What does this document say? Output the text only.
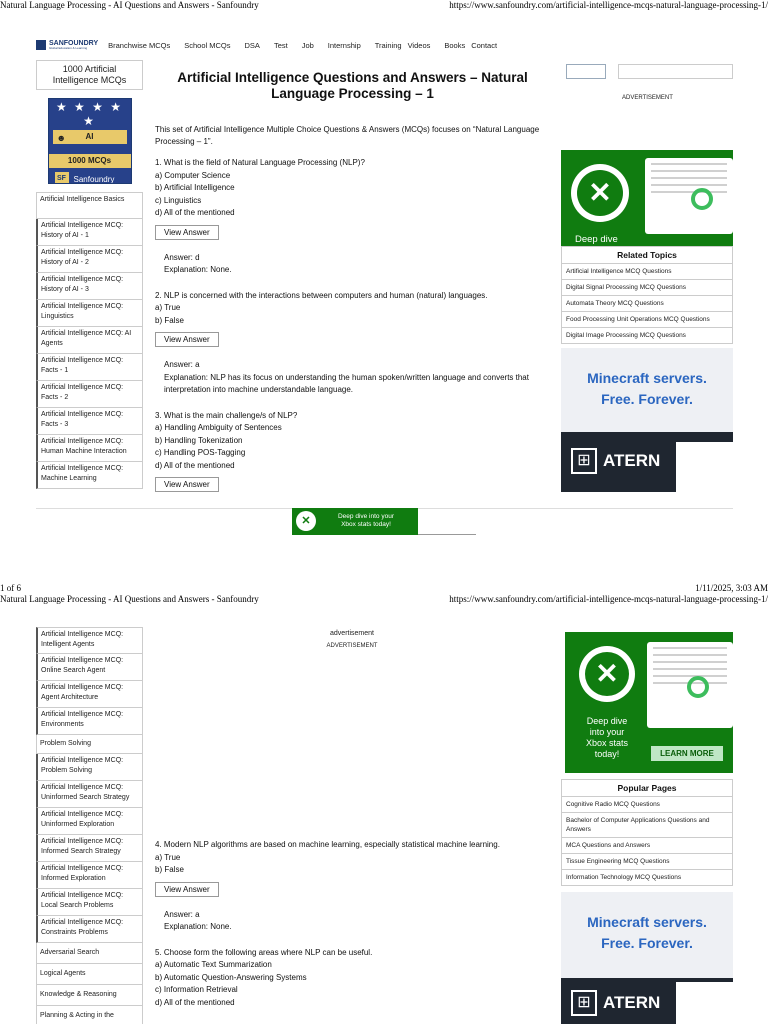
Natural Language Processing - AI Questions and Answers - Sanfoundry	https://www.sanfoundry.com/artificial-intelligence-mcqs-natural-language-processing-1/
SANFOUNDRY
Global Education & Learning	Branchwise MCQs School MCQs DSA Test Job Internship Training Videos Books Contact
1000 Artificial Intelligence MCQs
★ ★ ★ ★ ★
☻ AI
1000 MCQs
SF Sanfoundry
Artificial Intelligence Basics
Artificial Intelligence MCQ: History of AI - 1
Artificial Intelligence MCQ: History of AI - 2
Artificial Intelligence MCQ: History of AI - 3
Artificial Intelligence MCQ: Linguistics
Artificial Intelligence MCQ: AI Agents
Artificial Intelligence MCQ: Facts - 1
Artificial Intelligence MCQ: Facts - 2
Artificial Intelligence MCQ: Facts - 3
Artificial Intelligence MCQ: Human Machine Interaction
Artificial Intelligence MCQ: Machine Learning
Artificial Intelligence Questions and Answers – Natural Language Processing – 1

This set of Artificial Intelligence Multiple Choice Questions & Answers (MCQs) focuses on “Natural Language Processing – 1”.

1. What is the field of Natural Language Processing (NLP)?
a) Computer Science
b) Artificial Intelligence
c) Linguistics
d) All of the mentioned
View Answer
Answer: d
Explanation: None.
2. NLP is concerned with the interactions between computers and human (natural) languages.
a) True
b) False
View Answer
Answer: a
Explanation: NLP has its focus on understanding the human spoken/written language and converts that interpretation into machine understandable language.
3. What is the main challenge/s of NLP?
a) Handling Ambiguity of Sentences
b) Handling Tokenization
c) Handling POS-Tagging
d) All of the mentioned
View Answer
ADVERTISEMENT
✕
Deep dive
Related Topics
Artificial Intelligence MCQ Questions
Digital Signal Processing MCQ Questions
Automata Theory MCQ Questions
Food Processing Unit Operations MCQ Questions
Digital Image Processing MCQ Questions
Minecraft servers.
Free. Forever.
⊞ ATERN
✕	Deep dive into your
Xbox stats today!
1 of 6	1/11/2025, 3:03 AM
Natural Language Processing - AI Questions and Answers - Sanfoundry	https://www.sanfoundry.com/artificial-intelligence-mcqs-natural-language-processing-1/
Artificial Intelligence MCQ: Intelligent Agents
Artificial Intelligence MCQ: Online Search Agent
Artificial Intelligence MCQ: Agent Architecture
Artificial Intelligence MCQ: Environments
Problem Solving
Artificial Intelligence MCQ: Problem Solving
Artificial Intelligence MCQ: Uninformed Search Strategy
Artificial Intelligence MCQ: Uninformed Exploration
Artificial Intelligence MCQ: Informed Search Strategy
Artificial Intelligence MCQ: Informed Exploration
Artificial Intelligence MCQ: Local Search Problems
Artificial Intelligence MCQ: Constraints Problems
Adversarial Search
Logical Agents
Knowledge & Reasoning
Planning & Acting in the
advertisement
ADVERTISEMENT
4. Modern NLP algorithms are based on machine learning, especially statistical machine learning.
a) True
b) False
View Answer
Answer: a
Explanation: None.
5. Choose form the following areas where NLP can be useful.
a) Automatic Text Summarization
b) Automatic Question-Answering Systems
c) Information Retrieval
d) All of the mentioned
✕
Deep dive
into your
Xbox stats
today!	LEARN MORE
Popular Pages
Cognitive Radio MCQ Questions
Bachelor of Computer Applications Questions and Answers
MCA Questions and Answers
Tissue Engineering MCQ Questions
Information Technology MCQ Questions
Minecraft servers.
Free. Forever.
⊞ ATERN
